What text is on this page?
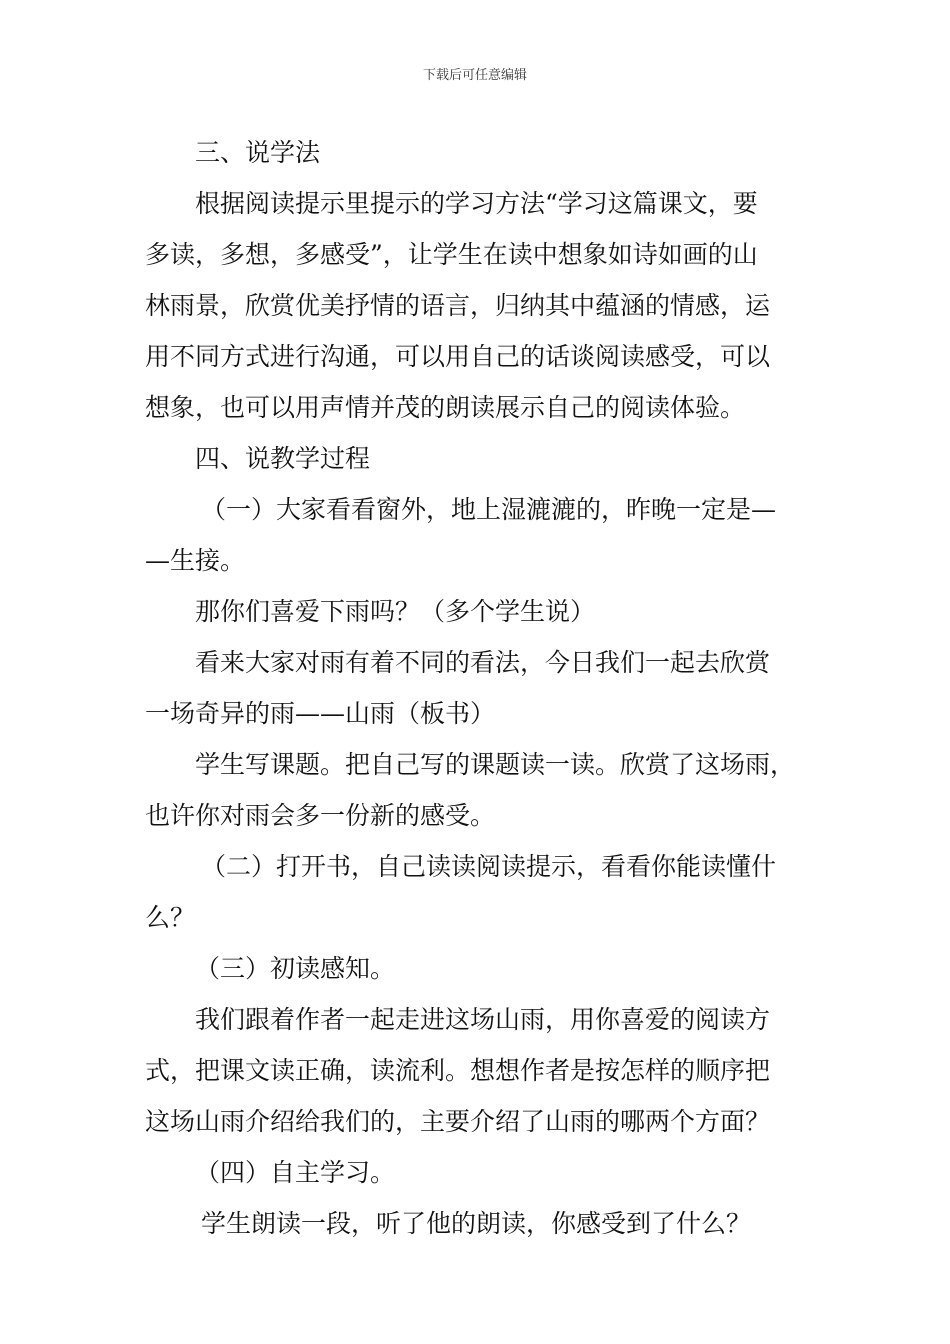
下载后可任意编辑
三、说学法
根据阅读提示里提示的学习方法“学习这篇课文，要
多读，多想，多感受”，让学生在读中想象如诗如画的山
林雨景，欣赏优美抒情的语言，归纳其中蕴涵的情感，运
用不同方式进行沟通，可以用自己的话谈阅读感受，可以
想象，也可以用声情并茂的朗读展示自己的阅读体验。
四、说教学过程
（一）大家看看窗外，地上湿漉漉的，昨晚一定是—
—生接。
那你们喜爱下雨吗？（多个学生说）
看来大家对雨有着不同的看法，今日我们一起去欣赏
一场奇异的雨——山雨（板书）
学生写课题。把自己写的课题读一读。欣赏了这场雨，
也许你对雨会多一份新的感受。
（二）打开书，自己读读阅读提示，看看你能读懂什
么？
（三）初读感知。
我们跟着作者一起走进这场山雨，用你喜爱的阅读方
式，把课文读正确，读流利。想想作者是按怎样的顺序把
这场山雨介绍给我们的，主要介绍了山雨的哪两个方面？
（四）自主学习。
学生朗读一段，听了他的朗读，你感受到了什么？
